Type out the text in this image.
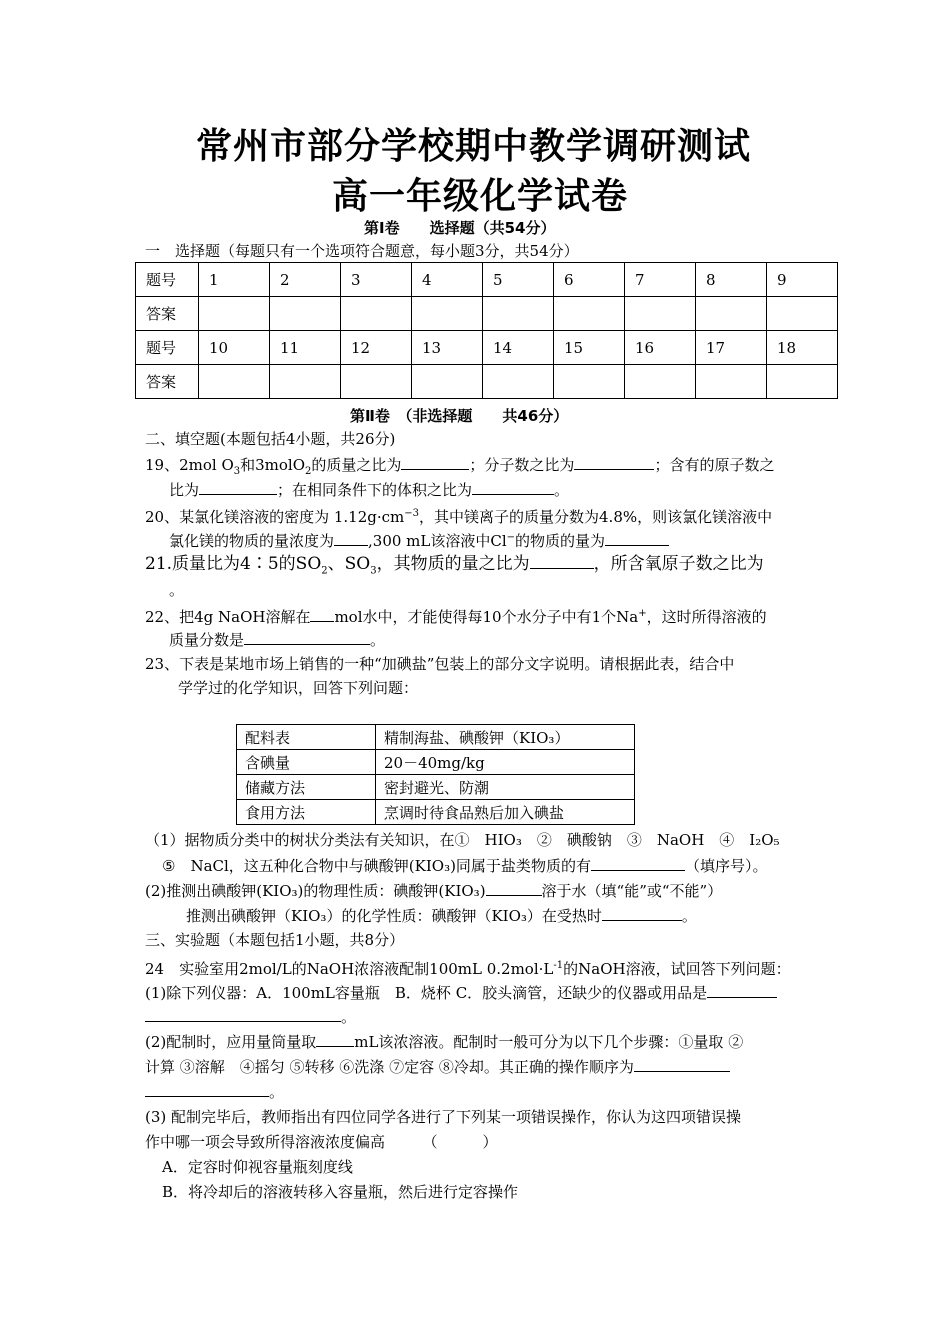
常州市部分学校期中教学调研测试
高一年级化学试卷
第Ⅰ卷　　选择题（共54分）
一　选择题（每题只有一个选项符合题意，每小题3分，共54分）
题号	1	2	3	4	5	6	7	8	9
答案									
题号	10	11	12	13	14	15	16	17	18
答案									
第Ⅱ卷　（非选择题　　共46分）
二、填空题(本题包括4小题，共26分)
19、2mol $O_3$和3molO$_2$的质量之比为	；分子数之比为	；含有的原子数之
比为	；在相同条件下的体积之比为	。
20、某氯化镁溶液的密度为 $1.12g\cdot cm^{-3}$，其中镁离子的质量分数为4.8%，则该氯化镁溶液中
氯化镁的物质的量浓度为 ,300 mL该溶液中Cl−的物质的量为
21.质量比为4∶5的$SO_2$、$SO_3$，其物质的量之比为	，所含氧原子数之比为
。
22、把4g NaOH溶解在 mol水中，才能使得每10个水分子中有1个Na+，这时所得溶液的
质量分数是	。
23、下表是某地市场上销售的一种“加碘盐”包装上的部分文字说明。请根据此表，结合中
学学过的化学知识，回答下列问题：
配料表	精制海盐、碘酸钾（KIO₃）
含碘量	20－40mg/kg
储藏方法	密封避光、防潮
食用方法	烹调时待食品熟后加入碘盐
（1）据物质分类中的树状分类法有关知识，在①　HIO₃　②　碘酸钠　③　NaOH　④　I₂O₅
⑤　NaCl，这五种化合物中与碘酸钾(KIO₃)同属于盐类物质的有	（填序号）。
(2)推测出碘酸钾(KIO₃)的物理性质：碘酸钾(KIO₃)	溶于水（填“能”或“不能”）
推测出碘酸钾（KIO₃）的化学性质：碘酸钾（KIO₃）在受热时	。
三、实验题（本题包括1小题，共8分）
24　实验室用2mol/L的NaOH浓溶液配制100mL $0.2mol\cdot L^{-1}$的NaOH溶液，试回答下列问题：
(1)除下列仪器：A．100mL容量瓶　B．烧杯 C．胶头滴管，还缺少的仪器或用品是
。
(2)配制时，应用量筒量取	mL该浓溶液。配制时一般可分为以下几个步骤：①量取 ②
计算 ③溶解　④摇匀 ⑤转移 ⑥洗涤 ⑦定容 ⑧冷却。其正确的操作顺序为
。
(3) 配制完毕后，教师指出有四位同学各进行了下列某一项错误操作，你认为这四项错误操
作中哪一项会导致所得溶液浓度偏高　　　（　　　）
A．定容时仰视容量瓶刻度线
B．将冷却后的溶液转移入容量瓶，然后进行定容操作
